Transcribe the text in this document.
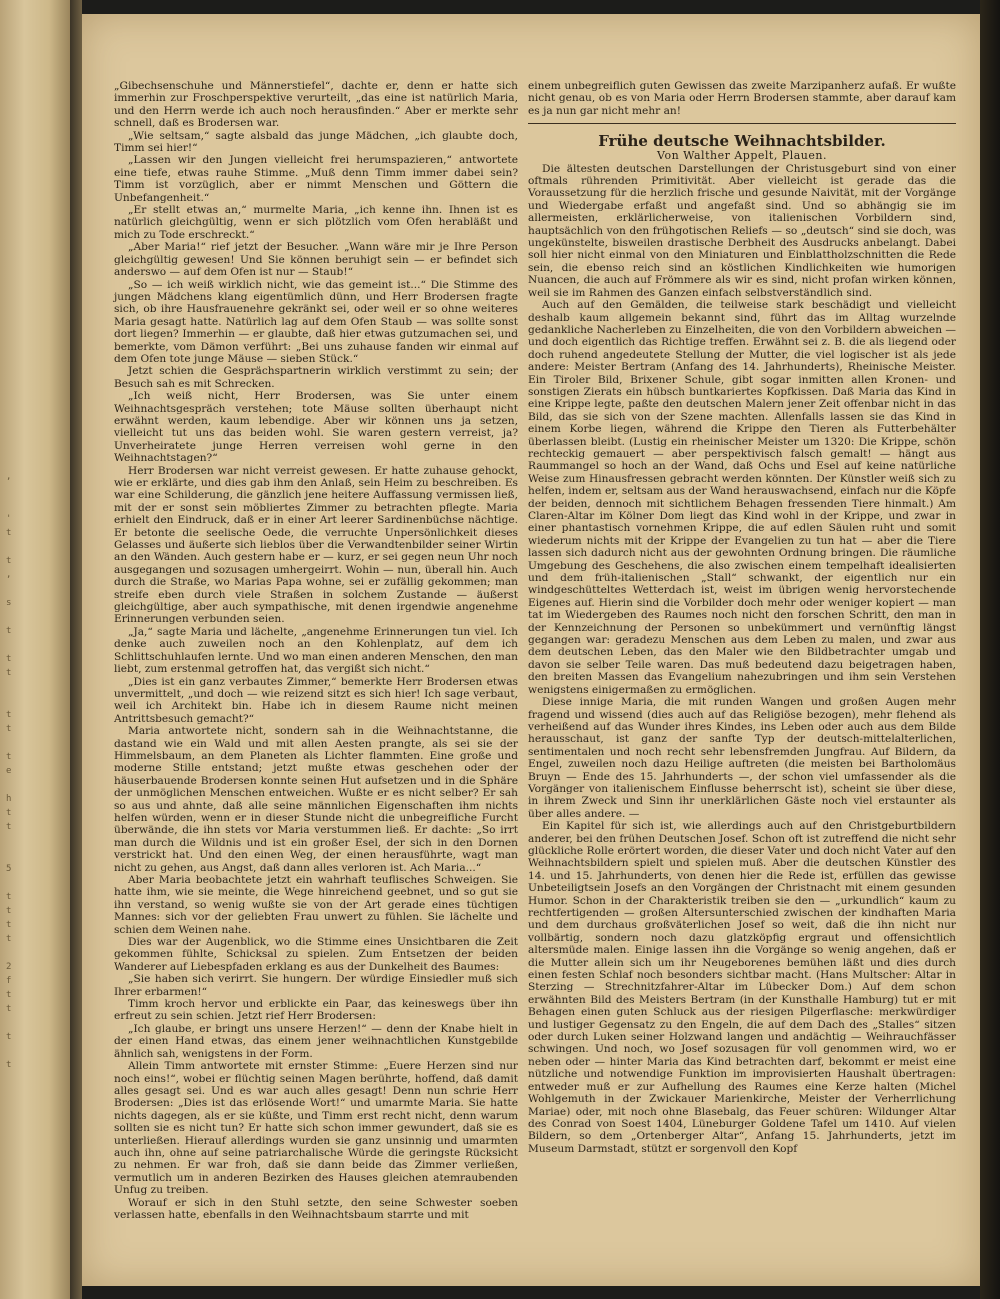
,

'
t

t
,

s

t

t
t

t
t

t
e

h
t
t

5

t
t
t
t

2
f
t
t

t

t

„Gibechsenschuhe und Männerstiefel“, dachte er, denn er hatte sich immerhin zur Froschperspektive verurteilt, „das eine ist natürlich Maria, und den Herrn werde ich auch noch herausfinden.“ Aber er merkte sehr schnell, daß es Brodersen war.

„Wie seltsam,“ sagte alsbald das junge Mädchen, „ich glaubte doch, Timm sei hier!“

„Lassen wir den Jungen vielleicht frei herumspazieren,“ antwortete eine tiefe, etwas rauhe Stimme. „Muß denn Timm immer dabei sein? Timm ist vorzüglich, aber er nimmt Menschen und Göttern die Unbefangenheit.“

„Er stellt etwas an,“ murmelte Maria, „ich kenne ihn. Ihnen ist es natürlich gleichgültig, wenn er sich plötzlich vom Ofen herabläßt und mich zu Tode erschreckt.“

„Aber Maria!“ rief jetzt der Besucher. „Wann wäre mir je Ihre Person gleichgültig gewesen! Und Sie können beruhigt sein — er befindet sich anderswo — auf dem Ofen ist nur — Staub!“

„So — ich weiß wirklich nicht, wie das gemeint ist...“ Die Stimme des jungen Mädchens klang eigentümlich dünn, und Herr Brodersen fragte sich, ob ihre Hausfrauenehre gekränkt sei, oder weil er so ohne weiteres Maria gesagt hatte. Natürlich lag auf dem Ofen Staub — was sollte sonst dort liegen? Immerhin — er glaubte, daß hier etwas gutzumachen sei, und bemerkte, vom Dämon verführt: „Bei uns zuhause fanden wir einmal auf dem Ofen tote junge Mäuse — sieben Stück.“

Jetzt schien die Gesprächspartnerin wirklich verstimmt zu sein; der Besuch sah es mit Schrecken.

„Ich weiß nicht, Herr Brodersen, was Sie unter einem Weihnachtsgespräch verstehen; tote Mäuse sollten überhaupt nicht erwähnt werden, kaum lebendige. Aber wir können uns ja setzen, vielleicht tut uns das beiden wohl. Sie waren gestern verreist, ja? Unverheiratete junge Herren verreisen wohl gerne in den Weihnachtstagen?“

Herr Brodersen war nicht verreist gewesen. Er hatte zuhause gehockt, wie er erklärte, und dies gab ihm den Anlaß, sein Heim zu beschreiben. Es war eine Schilderung, die gänzlich jene heitere Auffassung vermissen ließ, mit der er sonst sein möbliertes Zimmer zu betrachten pflegte. Maria erhielt den Eindruck, daß er in einer Art leerer Sardinenbüchse nächtige. Er betonte die seelische Oede, die verruchte Unpersönlichkeit dieses Gelasses und äußerte sich lieblos über die Verwandtenbilder seiner Wirtin an den Wänden. Auch gestern habe er — kurz, er sei gegen neun Uhr noch ausgegangen und sozusagen umhergeirrt. Wohin — nun, überall hin. Auch durch die Straße, wo Marias Papa wohne, sei er zufällig gekommen; man streife eben durch viele Straßen in solchem Zustande — äußerst gleichgültige, aber auch sympathische, mit denen irgendwie angenehme Erinnerungen verbunden seien.

„Ja,“ sagte Maria und lächelte, „angenehme Erinnerungen tun viel. Ich denke auch zuweilen noch an den Kohlenplatz, auf dem ich Schlittschuhlaufen lernte. Und wo man einen anderen Menschen, den man liebt, zum erstenmal getroffen hat, das vergißt sich nicht.“

„Dies ist ein ganz verbautes Zimmer,“ bemerkte Herr Brodersen etwas unvermittelt, „und doch — wie reizend sitzt es sich hier! Ich sage verbaut, weil ich Architekt bin. Habe ich in diesem Raume nicht meinen Antrittsbesuch gemacht?“

Maria antwortete nicht, sondern sah in die Weihnachtstanne, die dastand wie ein Wald und mit allen Aesten prangte, als sei sie der Himmelsbaum, an dem Planeten als Lichter flammten. Eine große und moderne Stille entstand; jetzt mußte etwas geschehen oder der häuserbauende Brodersen konnte seinen Hut aufsetzen und in die Sphäre der unmöglichen Menschen entweichen. Wußte er es nicht selber? Er sah so aus und ahnte, daß alle seine männlichen Eigenschaften ihm nichts helfen würden, wenn er in dieser Stunde nicht die unbegreifliche Furcht überwände, die ihn stets vor Maria verstummen ließ. Er dachte: „So irrt man durch die Wildnis und ist ein großer Esel, der sich in den Dornen verstrickt hat. Und den einen Weg, der einen herausführte, wagt man nicht zu gehen, aus Angst, daß dann alles verloren ist. Ach Maria...“

Aber Maria beobachtete jetzt ein wahrhaft teuflisches Schweigen. Sie hatte ihm, wie sie meinte, die Wege hinreichend geebnet, und so gut sie ihn verstand, so wenig wußte sie von der Art gerade eines tüchtigen Mannes: sich vor der geliebten Frau unwert zu fühlen. Sie lächelte und schien dem Weinen nahe.

Dies war der Augenblick, wo die Stimme eines Unsichtbaren die Zeit gekommen fühlte, Schicksal zu spielen. Zum Entsetzen der beiden Wanderer auf Liebespfaden erklang es aus der Dunkelheit des Baumes:

„Sie haben sich verirrt. Sie hungern. Der würdige Einsiedler muß sich Ihrer erbarmen!“

Timm kroch hervor und erblickte ein Paar, das keineswegs über ihn erfreut zu sein schien. Jetzt rief Herr Brodersen:

„Ich glaube, er bringt uns unsere Herzen!“ — denn der Knabe hielt in der einen Hand etwas, das einem jener weihnachtlichen Kunstgebilde ähnlich sah, wenigstens in der Form.

Allein Timm antwortete mit ernster Stimme: „Euere Herzen sind nur noch eins!“, wobei er flüchtig seinen Magen berührte, hoffend, daß damit alles gesagt sei. Und es war auch alles gesagt! Denn nun schrie Herr Brodersen: „Dies ist das erlösende Wort!“ und umarmte Maria. Sie hatte nichts dagegen, als er sie küßte, und Timm erst recht nicht, denn warum sollten sie es nicht tun? Er hatte sich schon immer gewundert, daß sie es unterließen. Hierauf allerdings wurden sie ganz unsinnig und umarmten auch ihn, ohne auf seine patriarchalische Würde die geringste Rücksicht zu nehmen. Er war froh, daß sie dann beide das Zimmer verließen, vermutlich um in anderen Bezirken des Hauses gleichen atemraubenden Unfug zu treiben.

Worauf er sich in den Stuhl setzte, den seine Schwester soeben verlassen hatte, ebenfalls in den Weihnachtsbaum starrte und mit

einem unbegreiflich guten Gewissen das zweite Marzipanherz aufaß. Er wußte nicht genau, ob es von Maria oder Herrn Brodersen stammte, aber darauf kam es ja nun gar nicht mehr an!

Frühe deutsche Weihnachtsbilder.

Von Walther Appelt, Plauen.

Die ältesten deutschen Darstellungen der Christusgeburt sind von einer oftmals rührenden Primitivität. Aber vielleicht ist gerade das die Voraussetzung für die herzlich frische und gesunde Naivität, mit der Vorgänge und Wiedergabe erfaßt und angefaßt sind. Und so abhängig sie im allermeisten, erklärlicherweise, von italienischen Vorbildern sind, hauptsächlich von den frühgotischen Reliefs — so „deutsch“ sind sie doch, was ungekünstelte, bisweilen drastische Derbheit des Ausdrucks anbelangt. Dabei soll hier nicht einmal von den Miniaturen und Einblattholzschnitten die Rede sein, die ebenso reich sind an köstlichen Kindlichkeiten wie humorigen Nuancen, die auch auf Frömmere als wir es sind, nicht profan wirken können, weil sie im Rahmen des Ganzen einfach selbstverständlich sind.

Auch auf den Gemälden, die teilweise stark beschädigt und vielleicht deshalb kaum allgemein bekannt sind, führt das im Alltag wurzelnde gedankliche Nacherleben zu Einzelheiten, die von den Vorbildern abweichen — und doch eigentlich das Richtige treffen. Erwähnt sei z. B. die als liegend oder doch ruhend angedeutete Stellung der Mutter, die viel logischer ist als jede andere: Meister Bertram (Anfang des 14. Jahrhunderts), Rheinische Meister. Ein Tiroler Bild, Brixener Schule, gibt sogar inmitten allen Kronen- und sonstigen Zierats ein hübsch buntkariertes Kopfkissen. Daß Maria das Kind in eine Krippe legte, paßte den deutschen Malern jener Zeit offenbar nicht in das Bild, das sie sich von der Szene machten. Allenfalls lassen sie das Kind in einem Korbe liegen, während die Krippe den Tieren als Futterbehälter überlassen bleibt. (Lustig ein rheinischer Meister um 1320: Die Krippe, schön rechteckig gemauert — aber perspektivisch falsch gemalt! — hängt aus Raummangel so hoch an der Wand, daß Ochs und Esel auf keine natürliche Weise zum Hinausfressen gebracht werden könnten. Der Künstler weiß sich zu helfen, indem er, seltsam aus der Wand herauswachsend, einfach nur die Köpfe der beiden, dennoch mit sichtlichem Behagen fressenden Tiere hinmalt.) Am Claren-Altar im Kölner Dom liegt das Kind wohl in der Krippe, und zwar in einer phantastisch vornehmen Krippe, die auf edlen Säulen ruht und somit wiederum nichts mit der Krippe der Evangelien zu tun hat — aber die Tiere lassen sich dadurch nicht aus der gewohnten Ordnung bringen. Die räumliche Umgebung des Geschehens, die also zwischen einem tempelhaft idealisierten und dem früh-italienischen „Stall“ schwankt, der eigentlich nur ein windgeschütteltes Wetterdach ist, weist im übrigen wenig hervorstechende Eigenes auf. Hierin sind die Vorbilder doch mehr oder weniger kopiert — man tat im Wiedergeben des Raumes noch nicht den forschen Schritt, den man in der Kennzeichnung der Personen so unbekümmert und vernünftig längst gegangen war: geradezu Menschen aus dem Leben zu malen, und zwar aus dem deutschen Leben, das den Maler wie den Bildbetrachter umgab und davon sie selber Teile waren. Das muß bedeutend dazu beigetragen haben, den breiten Massen das Evangelium nahezubringen und ihm sein Verstehen wenigstens einigermaßen zu ermöglichen.

Diese innige Maria, die mit runden Wangen und großen Augen mehr fragend und wissend (dies auch auf das Religiöse bezogen), mehr flehend als verheißend auf das Wunder ihres Kindes, ins Leben oder auch aus dem Bilde herausschaut, ist ganz der sanfte Typ der deutsch-mittelalterlichen, sentimentalen und noch recht sehr lebensfremden Jungfrau. Auf Bildern, da Engel, zuweilen noch dazu Heilige auftreten (die meisten bei Bartholomäus Bruyn — Ende des 15. Jahrhunderts —, der schon viel umfassender als die Vorgänger von italienischem Einflusse beherrscht ist), scheint sie über diese, in ihrem Zweck und Sinn ihr unerklärlichen Gäste noch viel erstaunter als über alles andere. —

Ein Kapitel für sich ist, wie allerdings auch auf den Christgeburtbildern anderer, bei den frühen Deutschen Josef. Schon oft ist zutreffend die nicht sehr glückliche Rolle erörtert worden, die dieser Vater und doch nicht Vater auf den Weihnachtsbildern spielt und spielen muß. Aber die deutschen Künstler des 14. und 15. Jahrhunderts, von denen hier die Rede ist, erfüllen das gewisse Unbeteiligtsein Josefs an den Vorgängen der Christnacht mit einem gesunden Humor. Schon in der Charakteristik treiben sie den — „urkundlich“ kaum zu rechtfertigenden — großen Altersunterschied zwischen der kindhaften Maria und dem durchaus großväterlichen Josef so weit, daß die ihn nicht nur vollbärtig, sondern noch dazu glatzköpfig ergraut und offensichtlich altersmüde malen. Einige lassen ihn die Vorgänge so wenig angehen, daß er die Mutter allein sich um ihr Neugeborenes bemühen läßt und dies durch einen festen Schlaf noch besonders sichtbar macht. (Hans Multscher: Altar in Sterzing — Strechnitzfahrer-Altar im Lübecker Dom.) Auf dem schon erwähnten Bild des Meisters Bertram (in der Kunsthalle Hamburg) tut er mit Behagen einen guten Schluck aus der riesigen Pilgerflasche: merkwürdiger und lustiger Gegensatz zu den Engeln, die auf dem Dach des „Stalles“ sitzen oder durch Luken seiner Holzwand langen und andächtig — Weihrauchfässer schwingen. Und noch, wo Josef sozusagen für voll genommen wird, wo er neben oder — hinter Maria das Kind betrachten darf, bekommt er meist eine nützliche und notwendige Funktion im improvisierten Haushalt übertragen: entweder muß er zur Aufhellung des Raumes eine Kerze halten (Michel Wohlgemuth in der Zwickauer Marienkirche, Meister der Verherrlichung Mariae) oder, mit noch ohne Blasebalg, das Feuer schüren: Wildunger Altar des Conrad von Soest 1404, Lüneburger Goldene Tafel um 1410. Auf vielen Bildern, so dem „Ortenberger Altar“, Anfang 15. Jahrhunderts, jetzt im Museum Darmstadt, stützt er sorgenvoll den Kopf
